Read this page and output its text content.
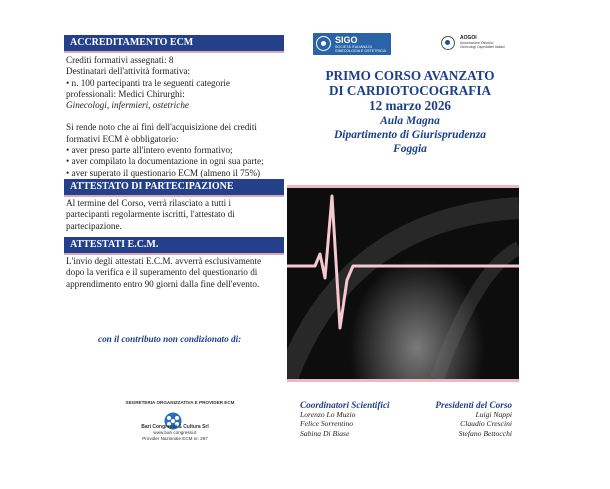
ACCREDITAMENTO ECM

Crediti formativi assegnati: 8

Destinatari dell'attività formativa:

• n. 100 partecipanti tra le seguenti categorie

professionali: Medici Chirurghi:

Ginecologi, infermieri, ostetriche

Si rende noto che ai fini dell'acquisizione dei crediti

formativi ECM è obbligatorio:

• aver preso parte all'intero evento formativo;

• aver compilato la documentazione in ogni sua parte;

• aver superato il questionario ECM (almeno il 75%)

ATTESTATO DI PARTECIPAZIONE

Al termine del Corso, verrà rilasciato a tutti i

partecipanti regolarmente iscritti, l'attestato di

partecipazione.

ATTESTATI E.C.M.

L'invio degli attestati E.C.M. avverrà esclusivamente

dopo la verifica e il superamento del questionario di

apprendimento entro 90 giorni dalla fine dell'evento.

con il contributo non condizionato di:
SEGRETERIA ORGANIZZATIVA E PROVIDER ECM
Bari Congressi & Cultura Srl
www.bari congressi.it
Provider Nazionale ECM nr. 287
SIGO
SOCIETÀ ITALIANA DI GINECOLOGIA E OSTETRICIA
AOGOI
Associazione Ostetrici Ginecologi Ospedalieri Italiani
PRIMO CORSO AVANZATO
DI CARDIOTOCOGRAFIA
12 marzo 2026
Aula Magna
Dipartimento di Giurisprudenza
Foggia
Coordinatori Scientifici
Lorenzo Lo Muzio
Felice Sorrentino
Sabina Di Biase
Presidenti del Corso
Luigi Nappi
Claudio Crescini
Stefano Bettocchi
